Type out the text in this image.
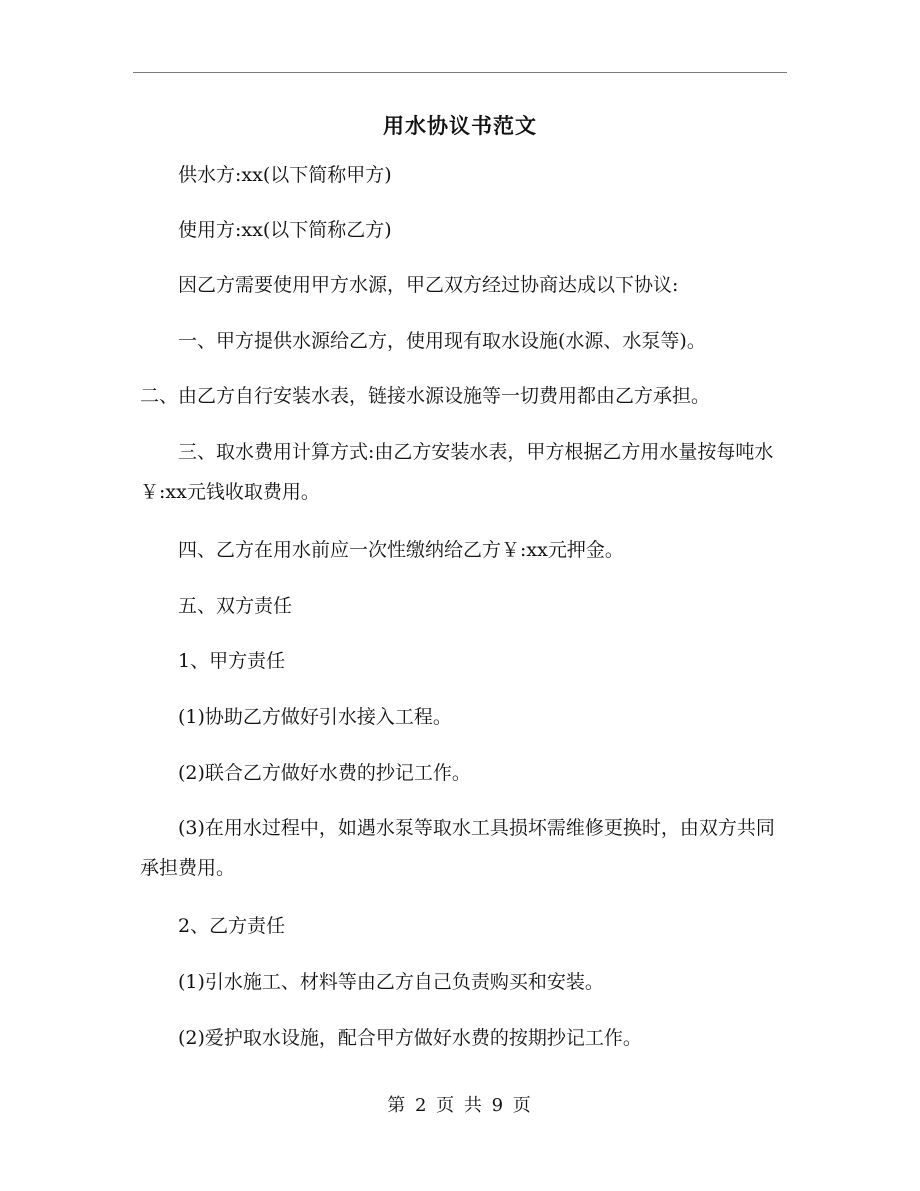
用水协议书范文

供水方:xx(以下简称甲方)

使用方:xx(以下简称乙方)

因乙方需要使用甲方水源，甲乙双方经过协商达成以下协议:

一、甲方提供水源给乙方，使用现有取水设施(水源、水泵等)。

二、由乙方自行安装水表，链接水源设施等一切费用都由乙方承担。

三、取水费用计算方式:由乙方安装水表，甲方根据乙方用水量按每吨水￥:xx元钱收取费用。

四、乙方在用水前应一次性缴纳给乙方￥:xx元押金。

五、双方责任

1、甲方责任

(1)协助乙方做好引水接入工程。

(2)联合乙方做好水费的抄记工作。

(3)在用水过程中，如遇水泵等取水工具损坏需维修更换时，由双方共同承担费用。

2、乙方责任

(1)引水施工、材料等由乙方自己负责购买和安装。

(2)爱护取水设施，配合甲方做好水费的按期抄记工作。

第 2 页 共 9 页
